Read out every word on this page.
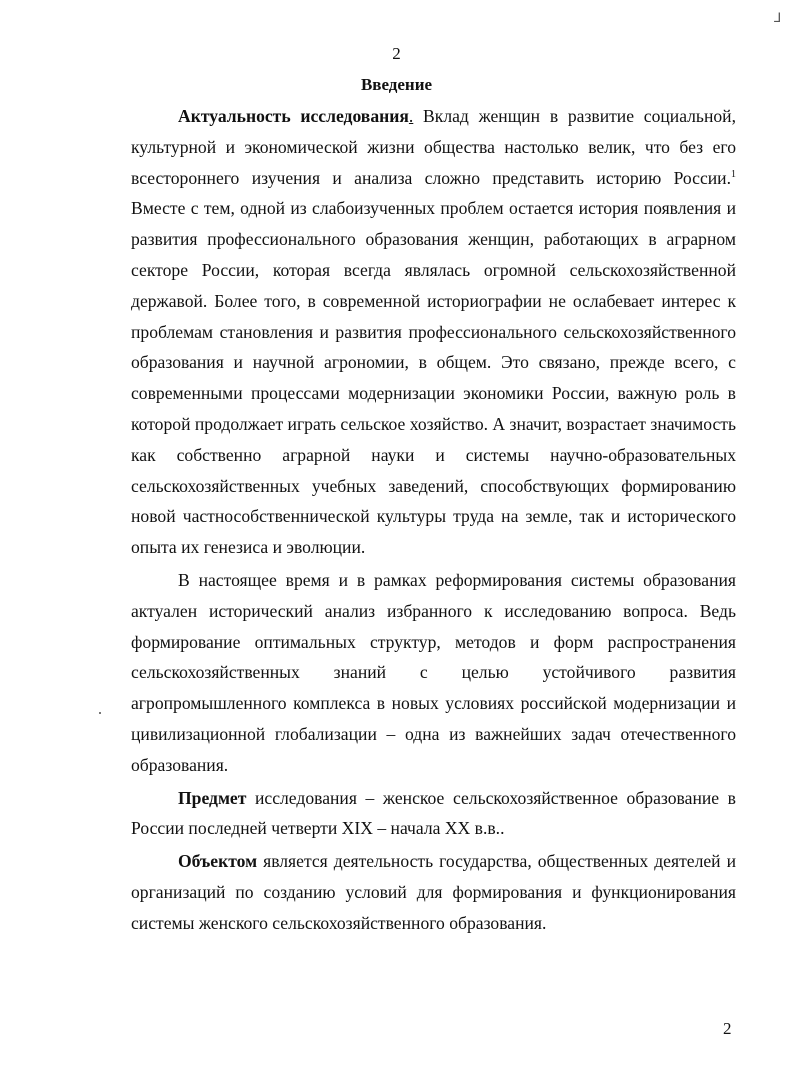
⅃
2
Введение

Актуальность исследования. Вклад женщин в развитие социальной, культурной и экономической жизни общества настолько велик, что без его всестороннего изучения и анализа сложно представить историю России.$^1$ Вместе с тем, одной из слабоизученных проблем остается история появления и развития профессионального образования женщин, работающих в аграрном секторе России, которая всегда являлась огромной сельскохозяйственной державой. Более того, в современной историографии не ослабевает интерес к проблемам становления и развития профессионального сельскохозяйственного образования и научной агрономии, в общем. Это связано, прежде всего, с современными процессами модернизации экономики России, важную роль в которой продолжает играть сельское хозяйство. А значит, возрастает значимость как собственно аграрной науки и системы научно-образовательных сельскохозяйственных учебных заведений, способствующих формированию новой частнособственнической культуры труда на земле, так и исторического опыта их генезиса и эволюции.

В настоящее время и в рамках реформирования системы образования актуален исторический анализ избранного к исследованию вопроса. Ведь формирование оптимальных структур, методов и форм распространения сельскохозяйственных знаний с целью устойчивого развития агропромышленного комплекса в новых условиях российской модернизации и цивилизационной глобализации – одна из важнейших задач отечественного образования.

Предмет исследования – женское сельскохозяйственное образование в России последней четверти XIX – начала XX в.в..

Объектом является деятельность государства, общественных деятелей и организаций по созданию условий для формирования и функционирования системы женского сельскохозяйственного образования.

2
